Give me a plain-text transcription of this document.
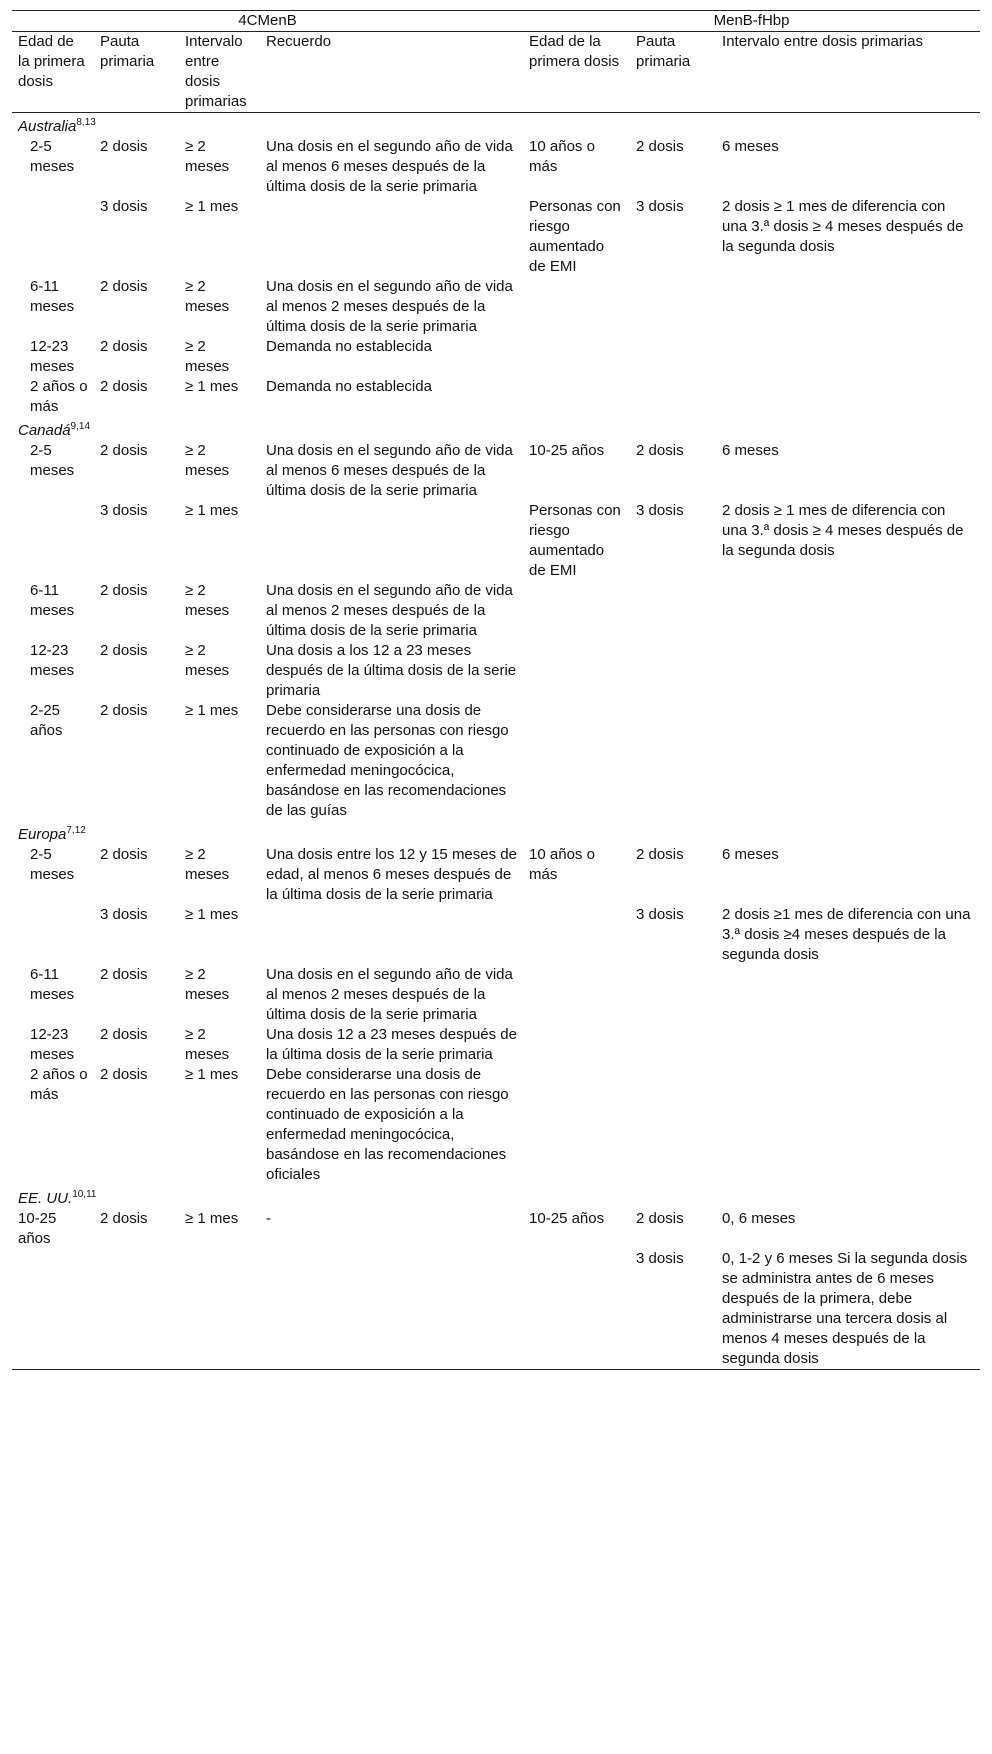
4CMenB				MenB-fHbp		

Edad de la primera dosis	Pauta primaria	Intervalo entre dosis primarias	Recuerdo	Edad de la primera dosis	Pauta primaria	Intervalo entre dosis primarias

Australia$^{8,13}$
2-5 meses	2 dosis	≥ 2 meses	Una dosis en el segundo año de vida al menos 6 meses después de la última dosis de la serie primaria	10 años o más	2 dosis	6 meses
	3 dosis	≥ 1 mes		Personas con riesgo aumentado de EMI	3 dosis	2 dosis ≥ 1 mes de diferencia con una 3.ª dosis ≥ 4 meses después de la segunda dosis
6-11 meses	2 dosis	≥ 2 meses	Una dosis en el segundo año de vida al menos 2 meses después de la última dosis de la serie primaria			
12-23 meses	2 dosis	≥ 2 meses	Demanda no establecida			
2 años o más	2 dosis	≥ 1 mes	Demanda no establecida			
Canadá$^{9,14}$
2-5 meses	2 dosis	≥ 2 meses	Una dosis en el segundo año de vida al menos 6 meses después de la última dosis de la serie primaria	10-25 años	2 dosis	6 meses
	3 dosis	≥ 1 mes		Personas con riesgo aumentado de EMI	3 dosis	2 dosis ≥ 1 mes de diferencia con una 3.ª dosis ≥ 4 meses después de la segunda dosis
6-11 meses	2 dosis	≥ 2 meses	Una dosis en el segundo año de vida al menos 2 meses después de la última dosis de la serie primaria			
12-23 meses	2 dosis	≥ 2 meses	Una dosis a los 12 a 23 meses después de la última dosis de la serie primaria			
2-25 años	2 dosis	≥ 1 mes	Debe considerarse una dosis de recuerdo en las personas con riesgo continuado de exposición a la enfermedad meningocócica, basándose en las recomendaciones de las guías			
Europa$^{7,12}$
2-5 meses	2 dosis	≥ 2 meses	Una dosis entre los 12 y 15 meses de edad, al menos 6 meses después de la última dosis de la serie primaria	10 años o más	2 dosis	6 meses
	3 dosis	≥ 1 mes			3 dosis	2 dosis ≥1 mes de diferencia con una 3.ª dosis ≥4 meses después de la segunda dosis
6-11 meses	2 dosis	≥ 2 meses	Una dosis en el segundo año de vida al menos 2 meses después de la última dosis de la serie primaria			
12-23 meses	2 dosis	≥ 2 meses	Una dosis 12 a 23 meses después de la última dosis de la serie primaria			
2 años o más	2 dosis	≥ 1 mes	Debe considerarse una dosis de recuerdo en las personas con riesgo continuado de exposición a la enfermedad meningocócica, basándose en las recomendaciones oficiales			
EE. UU.$^{10,11}$
10-25 años	2 dosis	≥ 1 mes	-	10-25 años	2 dosis	0, 6 meses
					3 dosis	0, 1-2 y 6 meses Si la segunda dosis se administra antes de 6 meses después de la primera, debe administrarse una tercera dosis al menos 4 meses después de la segunda dosis
